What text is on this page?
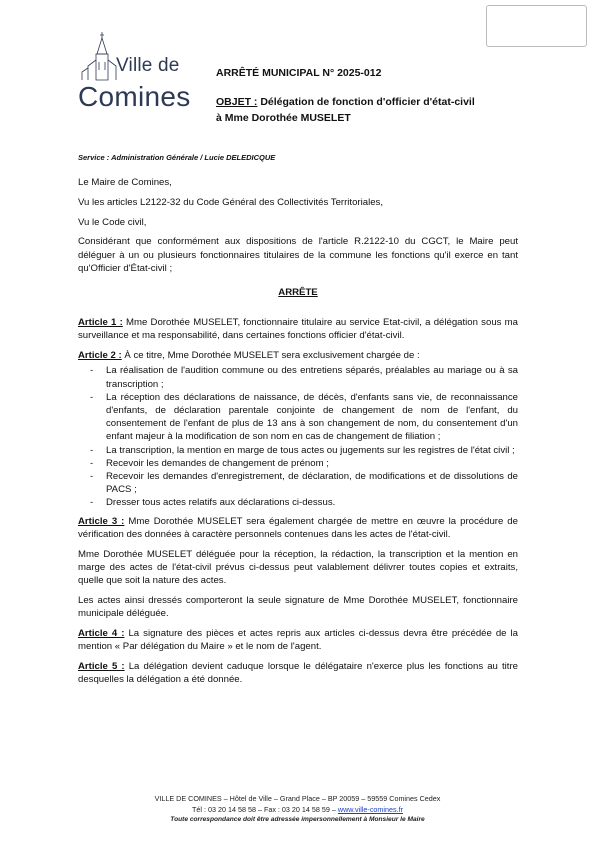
Ville de
Comines
ARRÊTÉ MUNICIPAL N° 2025-012
OBJET : Délégation de fonction d'officier d'état-civil
à Mme Dorothée MUSELET
Service : Administration Générale / Lucie DELEDICQUE

Le Maire de Comines,

Vu les articles L2122-32 du Code Général des Collectivités Territoriales,

Vu le Code civil,

Considérant que conformément aux dispositions de l'article R.2122-10 du CGCT, le Maire peut déléguer à un ou plusieurs fonctionnaires titulaires de la commune les fonctions qu'il exerce en tant qu'Officier d'État-civil ;

ARRÊTE

Article 1 : Mme Dorothée MUSELET, fonctionnaire titulaire au service Etat-civil, a délégation sous ma surveillance et ma responsabilité, dans certaines fonctions officier d'état-civil.

Article 2 : À ce titre, Mme Dorothée MUSELET sera exclusivement chargée de :

- La réalisation de l'audition commune ou des entretiens séparés, préalables au mariage ou à sa transcription ;
- La réception des déclarations de naissance, de décès, d'enfants sans vie, de reconnaissance d'enfants, de déclaration parentale conjointe de changement de nom de l'enfant, du consentement de l'enfant de plus de 13 ans à son changement de nom, du consentement d'un enfant majeur à la modification de son nom en cas de changement de filiation ;
- La transcription, la mention en marge de tous actes ou jugements sur les registres de l'état civil ;
- Recevoir les demandes de changement de prénom ;
- Recevoir les demandes d'enregistrement, de déclaration, de modifications et de dissolutions de PACS ;
- Dresser tous actes relatifs aux déclarations ci-dessus.

Article 3 : Mme Dorothée MUSELET sera également chargée de mettre en œuvre la procédure de vérification des données à caractère personnels contenues dans les actes de l'état-civil.

Mme Dorothée MUSELET déléguée pour la réception, la rédaction, la transcription et la mention en marge des actes de l'état-civil prévus ci-dessus peut valablement délivrer toutes copies et extraits, quelle que soit la nature des actes.

Les actes ainsi dressés comporteront la seule signature de Mme Dorothée MUSELET, fonctionnaire municipale déléguée.

Article 4 : La signature des pièces et actes repris aux articles ci-dessus devra être précédée de la mention « Par délégation du Maire » et le nom de l'agent.

Article 5 : La délégation devient caduque lorsque le délégataire n'exerce plus les fonctions au titre desquelles la délégation a été donnée.

VILLE DE COMINES – Hôtel de Ville – Grand Place – BP 20059 – 59559 Comines Cedex
Tél : 03 20 14 58 58 – Fax : 03 20 14 58 59 – www.ville-comines.fr
Toute correspondance doit être adressée impersonnellement à Monsieur le Maire
